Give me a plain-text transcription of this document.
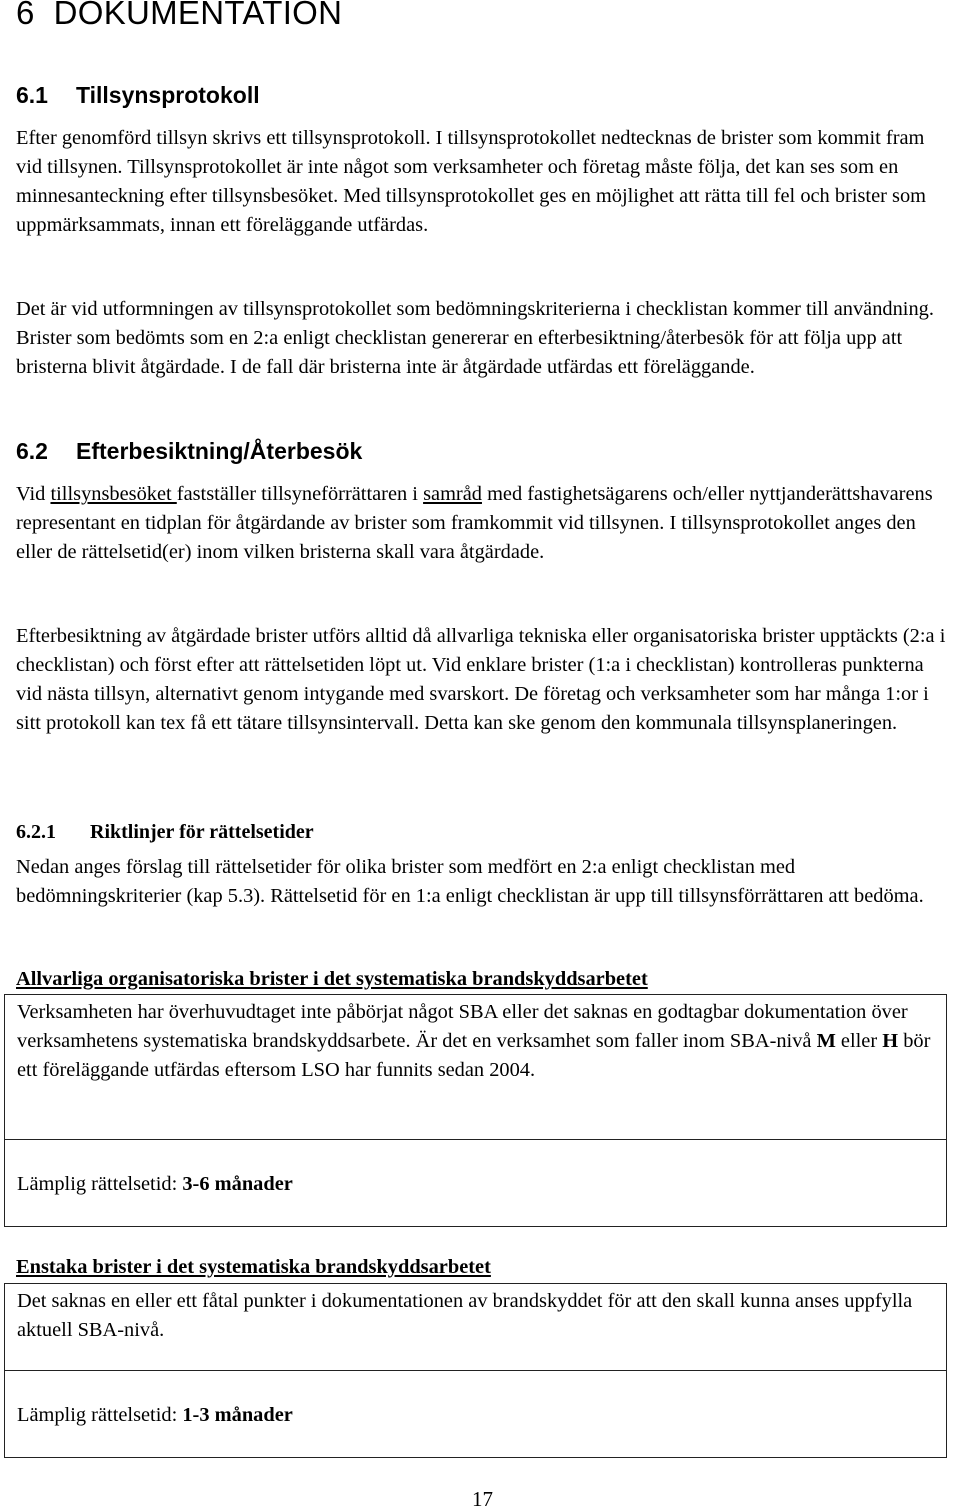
6 DOKUMENTATION
6.1 Tillsynsprotokoll

Efter genomförd tillsyn skrivs ett tillsynsprotokoll. I tillsynsprotokollet nedtecknas de brister som kommit fram vid tillsynen. Tillsynsprotokollet är inte något som verksamheter och företag måste följa, det kan ses som en minnesanteckning efter tillsynsbesöket. Med tillsynsprotokollet ges en möjlighet att rätta till fel och brister som uppmärksammats, innan ett föreläggande utfärdas.

Det är vid utformningen av tillsynsprotokollet som bedömningskriterierna i checklistan kommer till användning. Brister som bedömts som en 2:a enligt checklistan genererar en efterbesiktning/återbesök för att följa upp att bristerna blivit åtgärdade. I de fall där bristerna inte är åtgärdade utfärdas ett föreläggande.

6.2 Efterbesiktning/Återbesök

Vid tillsynsbesöket fastställer tillsyneförrättaren i samråd med fastighetsägarens och/eller nyttjanderättshavarens representant en tidplan för åtgärdande av brister som framkommit vid tillsynen. I tillsynsprotokollet anges den eller de rättelsetid(er) inom vilken bristerna skall vara åtgärdade.

Efterbesiktning av åtgärdade brister utförs alltid då allvarliga tekniska eller organisatoriska brister upptäckts (2:a i checklistan) och först efter att rättelsetiden löpt ut. Vid enklare brister (1:a i checklistan) kontrolleras punkterna vid nästa tillsyn, alternativt genom intygande med svarskort. De företag och verksamheter som har många 1:or i sitt protokoll kan tex få ett tätare tillsynsintervall. Detta kan ske genom den kommunala tillsynsplaneringen.

6.2.1 Riktlinjer för rättelsetider

Nedan anges förslag till rättelsetider för olika brister som medfört en 2:a enligt checklistan med bedömningskriterier (kap 5.3). Rättelsetid för en 1:a enligt checklistan är upp till tillsynsförrättaren att bedöma.

Allvarliga organisatoriska brister i det systematiska brandskyddsarbetet
Verksamheten har överhuvudtaget inte påbörjat något SBA eller det saknas en godtagbar dokumentation över verksamhetens systematiska brandskyddsarbete. Är det en verksamhet som faller inom SBA-nivå M eller H bör ett föreläggande utfärdas eftersom LSO har funnits sedan 2004.
Lämplig rättelsetid: 3-6 månader
Enstaka brister i det systematiska brandskyddsarbetet
Det saknas en eller ett fåtal punkter i dokumentationen av brandskyddet för att den skall kunna anses uppfylla aktuell SBA-nivå.
Lämplig rättelsetid: 1-3 månader
17
